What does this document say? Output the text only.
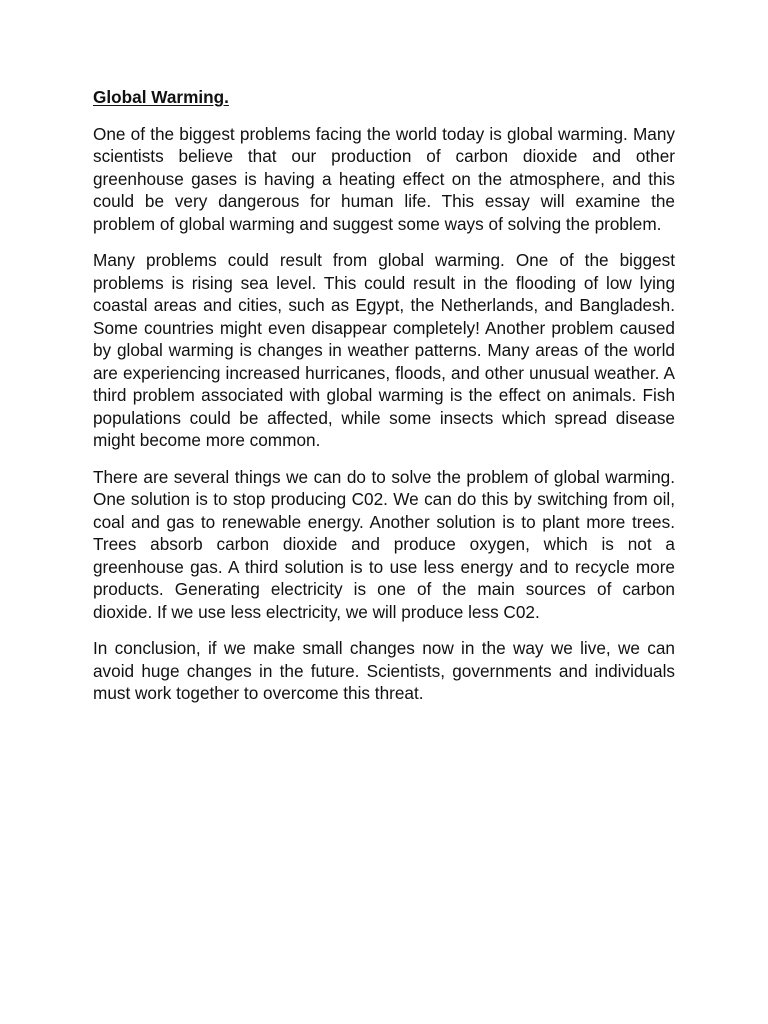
Global Warming.

One of the biggest problems facing the world today is global warming. Many scientists believe that our production of carbon dioxide and other greenhouse gases is having a heating effect on the atmosphere, and this could be very dangerous for human life. This essay will examine the problem of global warming and suggest some ways of solving the problem.

Many problems could result from global warming. One of the biggest problems is rising sea level. This could result in the flooding of low lying coastal areas and cities, such as Egypt, the Netherlands, and Bangladesh. Some countries might even disappear completely! Another problem caused by global warming is changes in weather patterns. Many areas of the world are experiencing increased hurricanes, floods, and other unusual weather. A third problem associated with global warming is the effect on animals. Fish populations could be affected, while some insects which spread disease might become more common.

There are several things we can do to solve the problem of global warming. One solution is to stop producing C02. We can do this by switching from oil, coal and gas to renewable energy. Another solution is to plant more trees. Trees absorb carbon dioxide and produce oxygen, which is not a greenhouse gas. A third solution is to use less energy and to recycle more products. Generating electricity is one of the main sources of carbon dioxide. If we use less electricity, we will produce less C02.

In conclusion, if we make small changes now in the way we live, we can avoid huge changes in the future. Scientists, governments and individuals must work together to overcome this threat.
